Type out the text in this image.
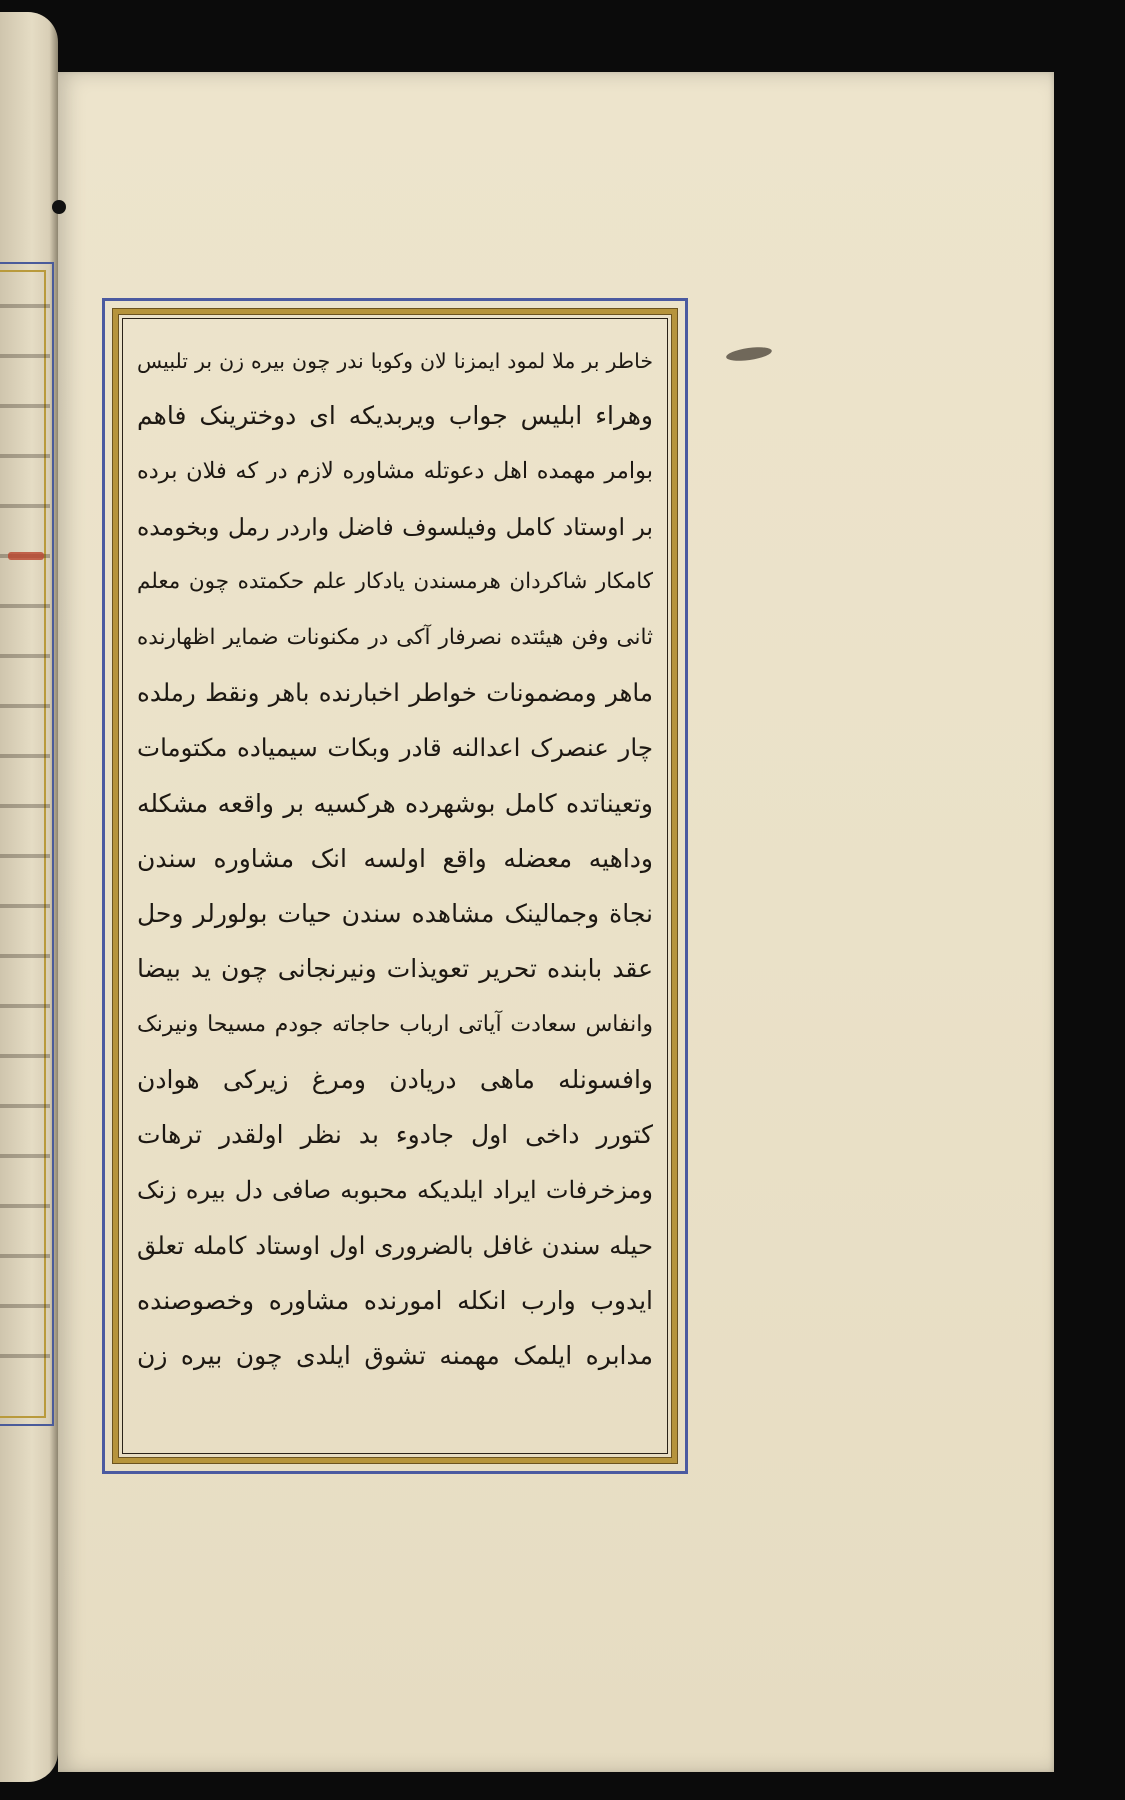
خاطر بر ملا لمود ایمزنا لان وکوبا ندر چون بیره زن بر تلبیس
وهراء ابلیس جواب ویربدیکه ای دوخترینک فاهم
بوامر مهمده اهل دعوتله مشاوره لازم در که فلان برده
بر اوستاد کامل وفیلسوف فاضل واردر رمل وبخومده
کامکار شاکردان هرمسندن یادکار علم حکمتده چون معلم
ثانی وفن هیئتده نصرفار آکی در مکنونات ضمایر اظهارنده
ماهر ومضمونات خواطر اخبارنده باهر ونقط رملده
چار عنصرک اعدالنه قادر وبکات سیمیاده مکتومات
وتعیناتده کامل بوشهرده هرکسیه بر واقعه مشکله
وداهیه معضله واقع اولسه انک مشاوره سندن
نجاة وجمالینک مشاهده سندن حیات بولورلر وحل
عقد بابنده تحریر تعویذات ونیرنجانی چون ید بیضا
وانفاس سعادت آیاتی ارباب حاجاته جودم مسیحا ونیرنک
وافسونله ماهی دریادن ومرغ زیرکی هوادن
کتورر داخی اول جادوء بد نظر اولقدر ترهات
ومزخرفات ایراد ایلدیکه محبوبه صافی دل بیره زنک
حیله سندن غافل بالضروری اول اوستاد کامله تعلق
ایدوب وارب انکله امورنده مشاوره وخصوصنده
مدابره ایلمک مهمنه تشوق ایلدی چون بیره زن
